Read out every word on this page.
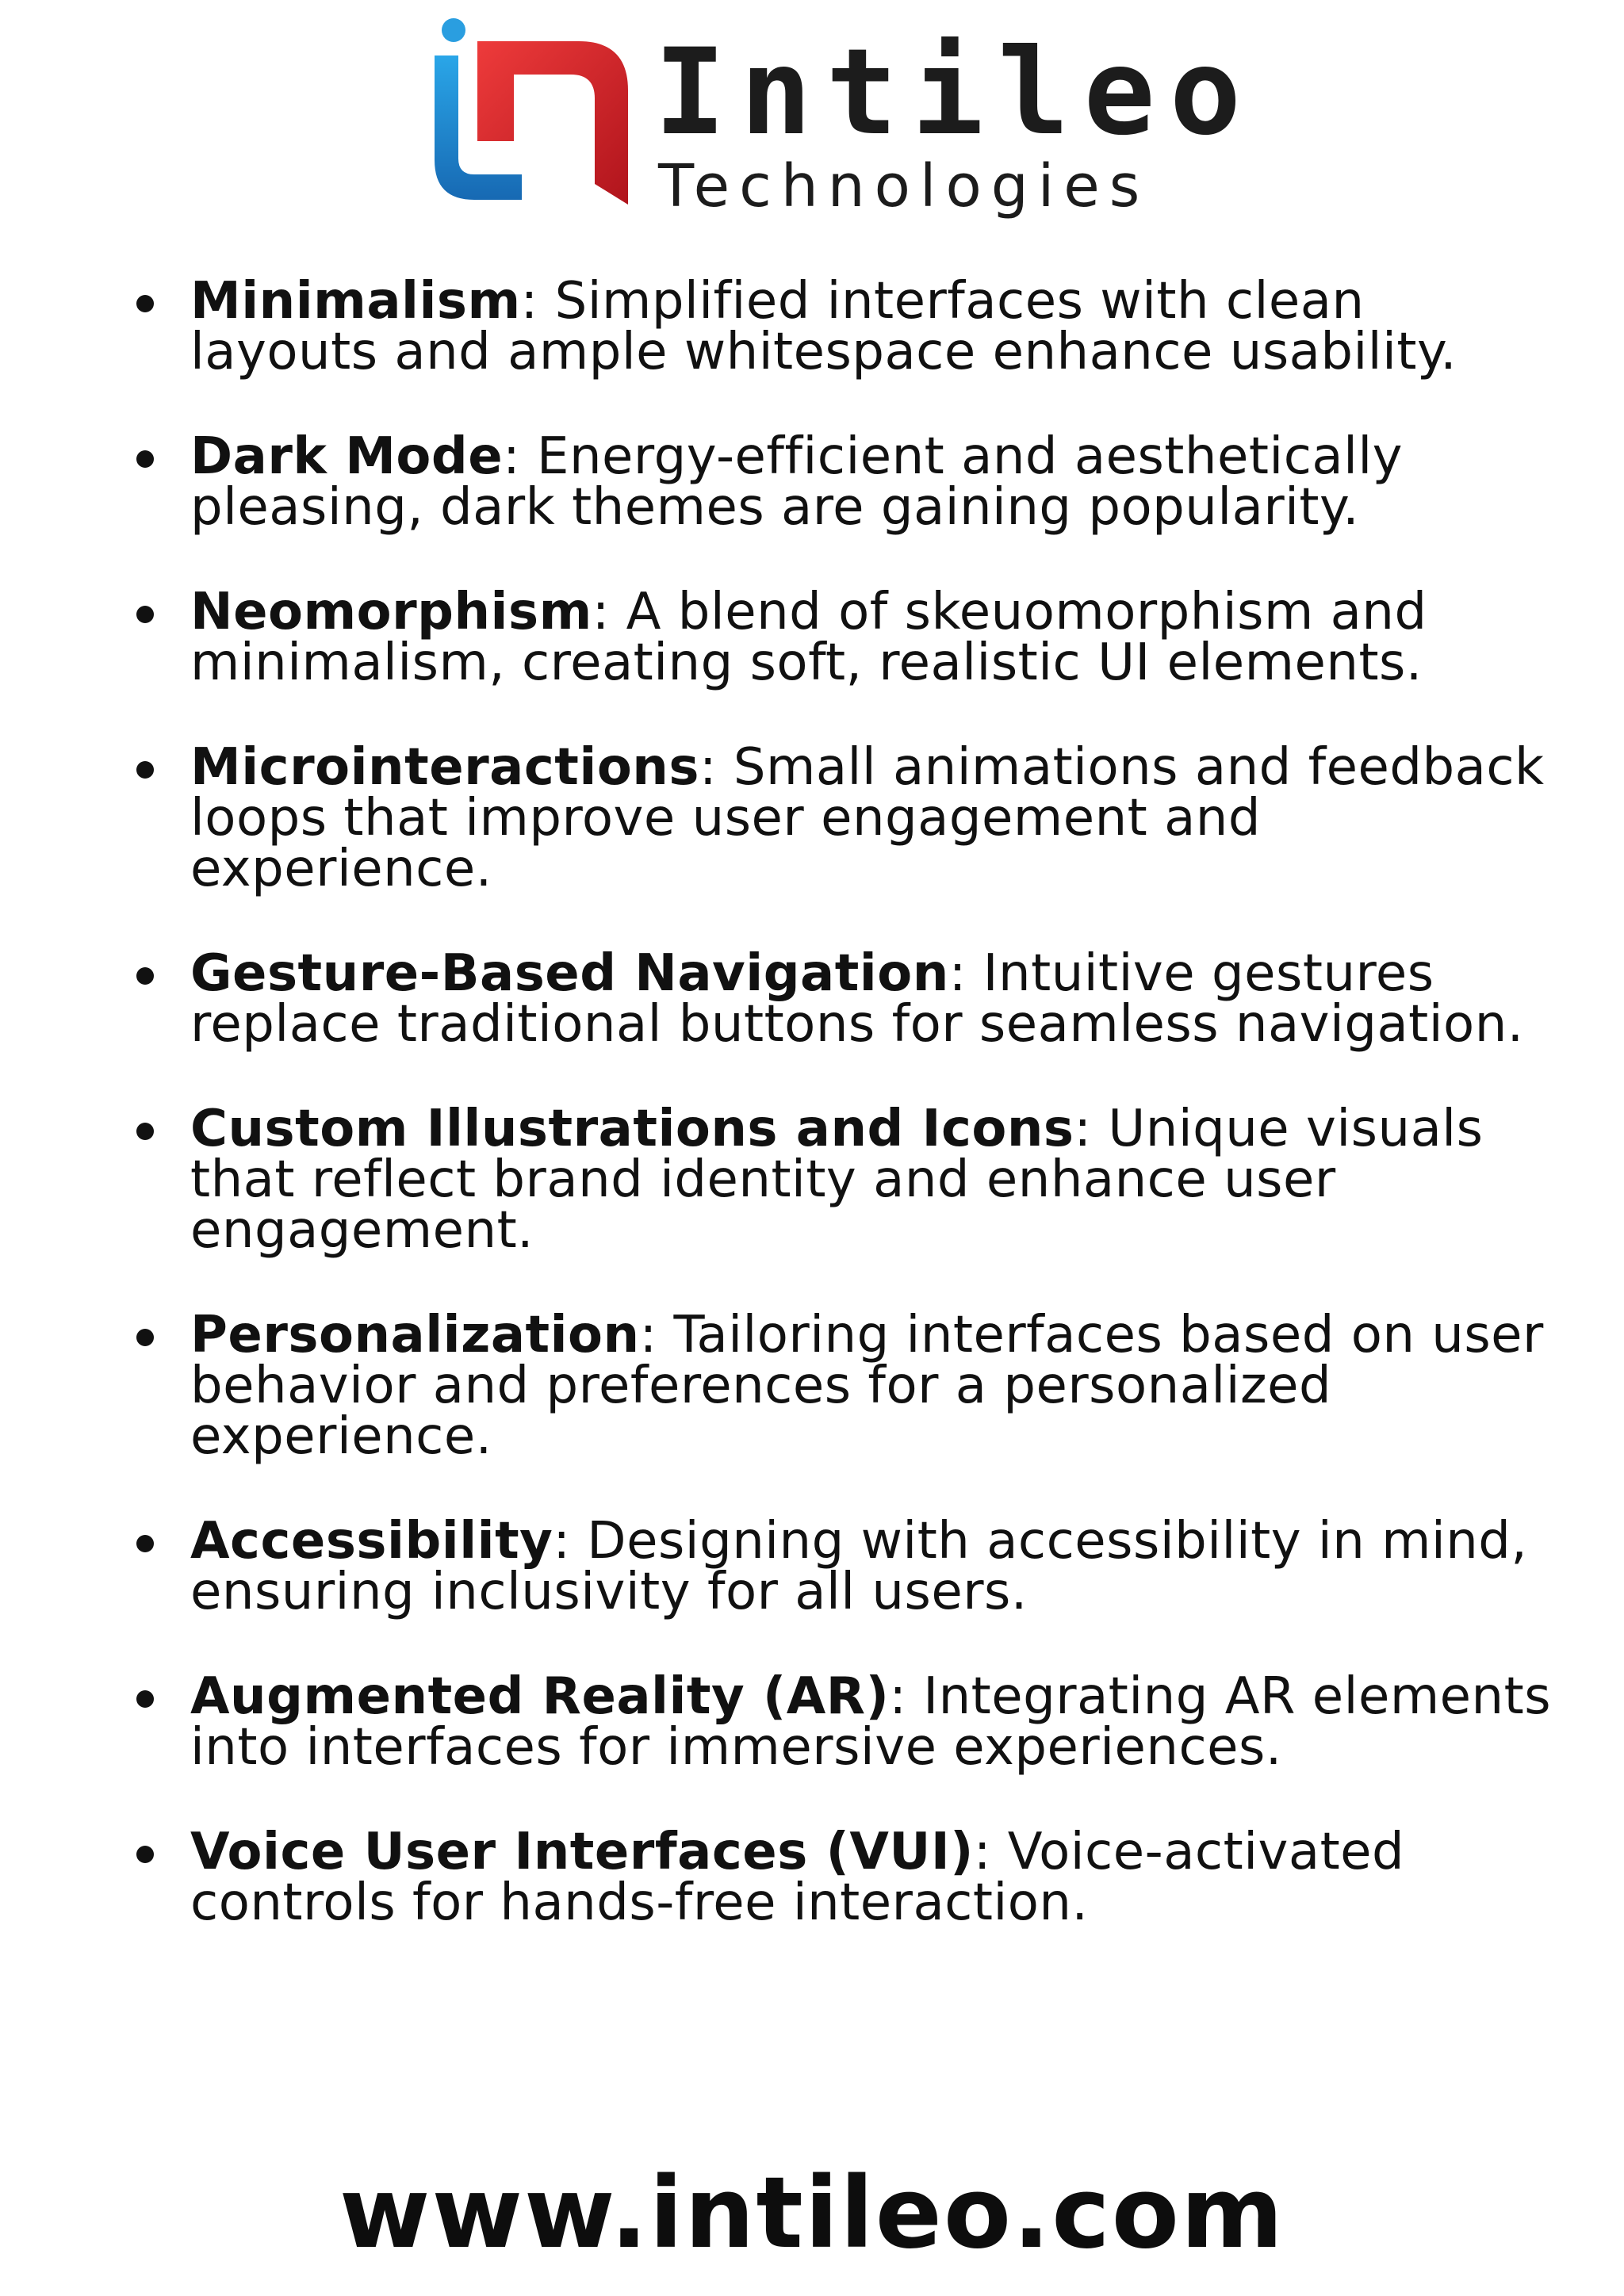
Intileo
Technologies
Minimalism: Simplified interfaces with clean layouts and ample whitespace enhance usability.
Dark Mode: Energy-efficient and aesthetically pleasing, dark themes are gaining popularity.
Neomorphism: A blend of skeuomorphism and minimalism, creating soft, realistic UI elements.
Microinteractions: Small animations and feedback loops that improve user engagement and experience.
Gesture-Based Navigation: Intuitive gestures replace traditional buttons for seamless navigation.
Custom Illustrations and Icons: Unique visuals that reflect brand identity and enhance user engagement.
Personalization: Tailoring interfaces based on user behavior and preferences for a personalized experience.
Accessibility: Designing with accessibility in mind, ensuring inclusivity for all users.
Augmented Reality (AR): Integrating AR elements into interfaces for immersive experiences.
Voice User Interfaces (VUI): Voice-activated controls for hands-free interaction.
www.intileo.com
